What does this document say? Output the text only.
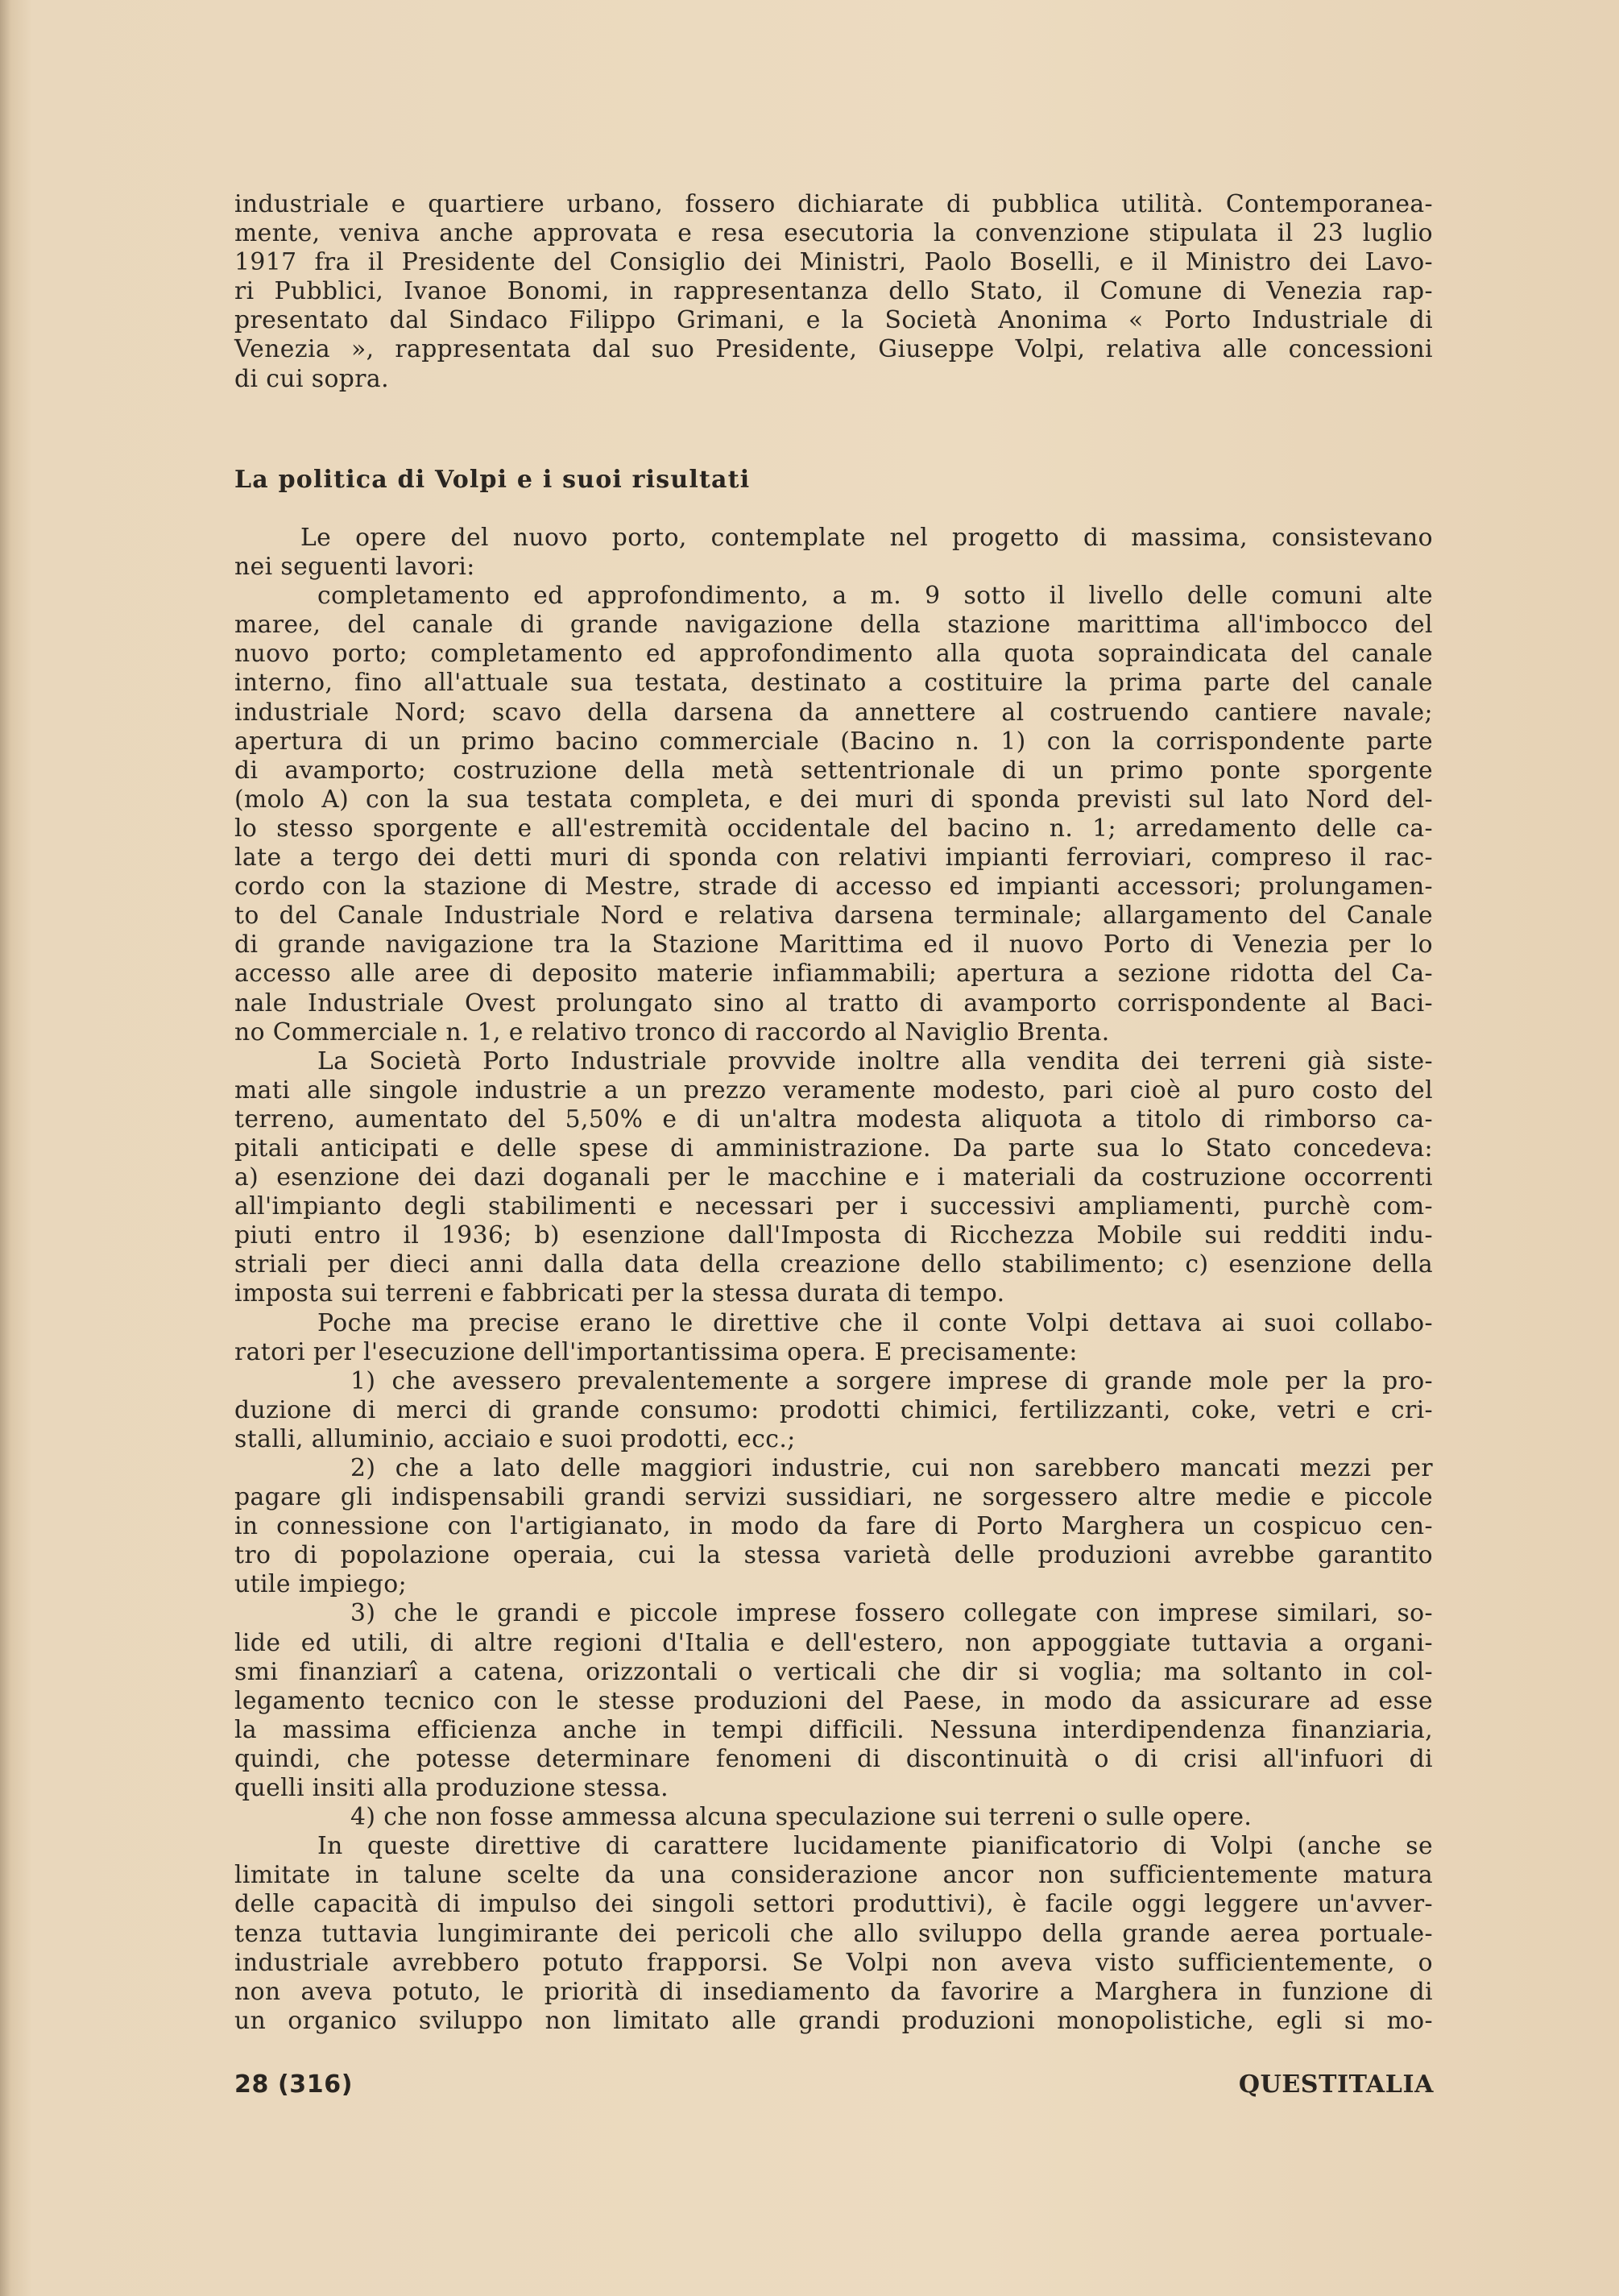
industriale e quartiere urbano, fossero dichiarate di pubblica utilità. Contemporanea-
mente, veniva anche approvata e resa esecutoria la convenzione stipulata il 23 luglio
1917 fra il Presidente del Consiglio dei Ministri, Paolo Boselli, e il Ministro dei Lavo-
ri Pubblici, Ivanoe Bonomi, in rappresentanza dello Stato, il Comune di Venezia rap-
presentato dal Sindaco Filippo Grimani, e la Società Anonima « Porto Industriale di
Venezia », rappresentata dal suo Presidente, Giuseppe Volpi, relativa alle concessioni
di cui sopra.
La politica di Volpi e i suoi risultati
Le opere del nuovo porto, contemplate nel progetto di massima, consistevano
nei seguenti lavori:
completamento ed approfondimento, a m. 9 sotto il livello delle comuni alte
maree, del canale di grande navigazione della stazione marittima all'imbocco del
nuovo porto; completamento ed approfondimento alla quota sopraindicata del canale
interno, fino all'attuale sua testata, destinato a costituire la prima parte del canale
industriale Nord; scavo della darsena da annettere al costruendo cantiere navale;
apertura di un primo bacino commerciale (Bacino n. 1) con la corrispondente parte
di avamporto; costruzione della metà settentrionale di un primo ponte sporgente
(molo A) con la sua testata completa, e dei muri di sponda previsti sul lato Nord del-
lo stesso sporgente e all'estremità occidentale del bacino n. 1; arredamento delle ca-
late a tergo dei detti muri di sponda con relativi impianti ferroviari, compreso il rac-
cordo con la stazione di Mestre, strade di accesso ed impianti accessori; prolungamen-
to del Canale Industriale Nord e relativa darsena terminale; allargamento del Canale
di grande navigazione tra la Stazione Marittima ed il nuovo Porto di Venezia per lo
accesso alle aree di deposito materie infiammabili; apertura a sezione ridotta del Ca-
nale Industriale Ovest prolungato sino al tratto di avamporto corrispondente al Baci-
no Commerciale n. 1, e relativo tronco di raccordo al Naviglio Brenta.
La Società Porto Industriale provvide inoltre alla vendita dei terreni già siste-
mati alle singole industrie a un prezzo veramente modesto, pari cioè al puro costo del
terreno, aumentato del 5,50% e di un'altra modesta aliquota a titolo di rimborso ca-
pitali anticipati e delle spese di amministrazione. Da parte sua lo Stato concedeva:
a) esenzione dei dazi doganali per le macchine e i materiali da costruzione occorrenti
all'impianto degli stabilimenti e necessari per i successivi ampliamenti, purchè com-
piuti entro il 1936; b) esenzione dall'Imposta di Ricchezza Mobile sui redditi indu-
striali per dieci anni dalla data della creazione dello stabilimento; c) esenzione della
imposta sui terreni e fabbricati per la stessa durata di tempo.
Poche ma precise erano le direttive che il conte Volpi dettava ai suoi collabo-
ratori per l'esecuzione dell'importantissima opera. E precisamente:
1) che avessero prevalentemente a sorgere imprese di grande mole per la pro-
duzione di merci di grande consumo: prodotti chimici, fertilizzanti, coke, vetri e cri-
stalli, alluminio, acciaio e suoi prodotti, ecc.;
2) che a lato delle maggiori industrie, cui non sarebbero mancati mezzi per
pagare gli indispensabili grandi servizi sussidiari, ne sorgessero altre medie e piccole
in connessione con l'artigianato, in modo da fare di Porto Marghera un cospicuo cen-
tro di popolazione operaia, cui la stessa varietà delle produzioni avrebbe garantito
utile impiego;
3) che le grandi e piccole imprese fossero collegate con imprese similari, so-
lide ed utili, di altre regioni d'Italia e dell'estero, non appoggiate tuttavia a organi-
smi finanziarî a catena, orizzontali o verticali che dir si voglia; ma soltanto in col-
legamento tecnico con le stesse produzioni del Paese, in modo da assicurare ad esse
la massima efficienza anche in tempi difficili. Nessuna interdipendenza finanziaria,
quindi, che potesse determinare fenomeni di discontinuità o di crisi all'infuori di
quelli insiti alla produzione stessa.
4) che non fosse ammessa alcuna speculazione sui terreni o sulle opere.
In queste direttive di carattere lucidamente pianificatorio di Volpi (anche se
limitate in talune scelte da una considerazione ancor non sufficientemente matura
delle capacità di impulso dei singoli settori produttivi), è facile oggi leggere un'avver-
tenza tuttavia lungimirante dei pericoli che allo sviluppo della grande aerea portuale-
industriale avrebbero potuto frapporsi. Se Volpi non aveva visto sufficientemente, o
non aveva potuto, le priorità di insediamento da favorire a Marghera in funzione di
un organico sviluppo non limitato alle grandi produzioni monopolistiche, egli si mo-

28 (316)	QUESTITALIA
